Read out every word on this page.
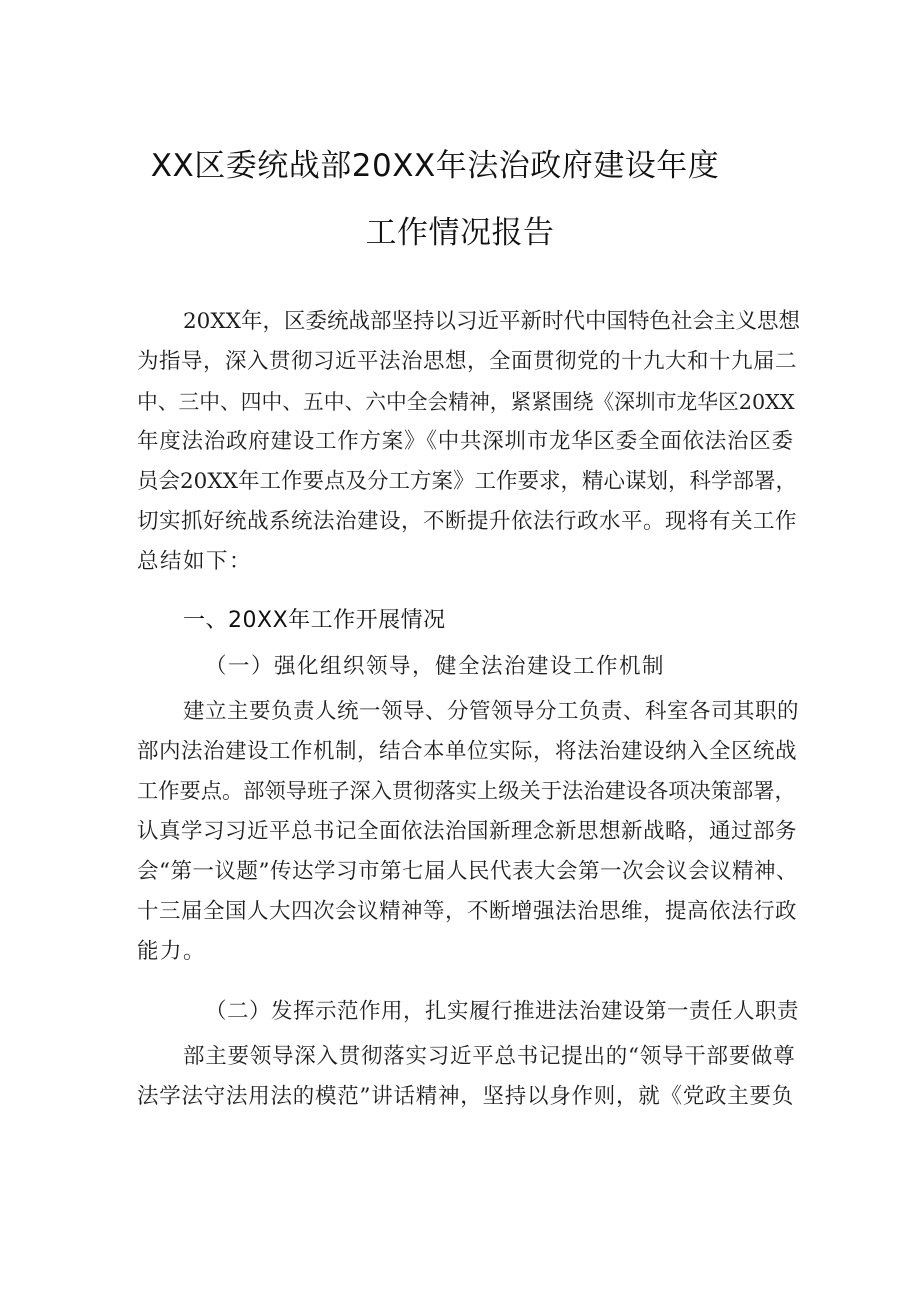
XX区委统战部20XX年法治政府建设年度
工作情况报告
20XX年，区委统战部坚持以习近平新时代中国特色社会主义思想
为指导，深入贯彻习近平法治思想，全面贯彻党的十九大和十九届二
中、三中、四中、五中、六中全会精神，紧紧围绕《深圳市龙华区20XX
年度法治政府建设工作方案》《中共深圳市龙华区委全面依法治区委
员会20XX年工作要点及分工方案》工作要求，精心谋划，科学部署，
切实抓好统战系统法治建设，不断提升依法行政水平。现将有关工作
总结如下：
一、20XX年工作开展情况
（一）强化组织领导，健全法治建设工作机制
建立主要负责人统一领导、分管领导分工负责、科室各司其职的
部内法治建设工作机制，结合本单位实际，将法治建设纳入全区统战
工作要点。部领导班子深入贯彻落实上级关于法治建设各项决策部署，
认真学习习近平总书记全面依法治国新理念新思想新战略，通过部务
会“第一议题”传达学习市第七届人民代表大会第一次会议会议精神、
十三届全国人大四次会议精神等，不断增强法治思维，提高依法行政
能力。
（二）发挥示范作用，扎实履行推进法治建设第一责任人职责
部主要领导深入贯彻落实习近平总书记提出的“领导干部要做尊
法学法守法用法的模范”讲话精神，坚持以身作则，就《党政主要负
